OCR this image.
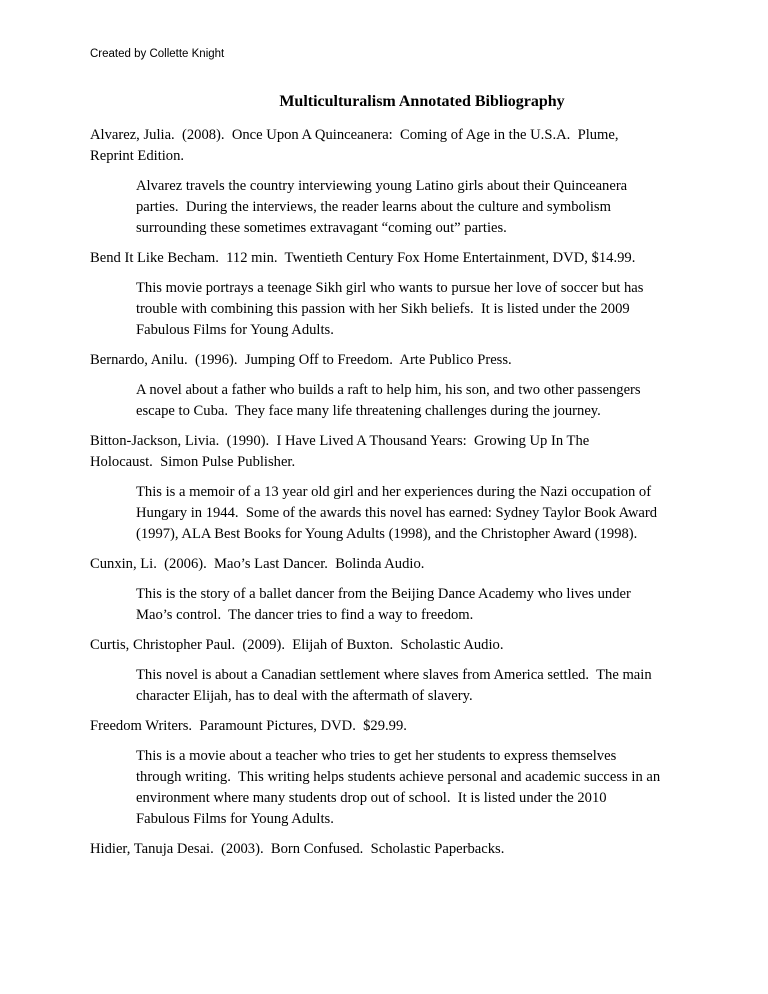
Created by Collette Knight
Multiculturalism Annotated Bibliography

Alvarez, Julia.  (2008).  Once Upon A Quinceanera:  Coming of Age in the U.S.A.  Plume,
Reprint Edition.

Alvarez travels the country interviewing young Latino girls about their Quinceanera
parties.  During the interviews, the reader learns about the culture and symbolism
surrounding these sometimes extravagant “coming out” parties.

Bend It Like Becham.  112 min.  Twentieth Century Fox Home Entertainment, DVD, $14.99.

This movie portrays a teenage Sikh girl who wants to pursue her love of soccer but has
trouble with combining this passion with her Sikh beliefs.  It is listed under the 2009
Fabulous Films for Young Adults.

Bernardo, Anilu.  (1996).  Jumping Off to Freedom.  Arte Publico Press.

A novel about a father who builds a raft to help him, his son, and two other passengers
escape to Cuba.  They face many life threatening challenges during the journey.

Bitton-Jackson, Livia.  (1990).  I Have Lived A Thousand Years:  Growing Up In The
Holocaust.  Simon Pulse Publisher.

This is a memoir of a 13 year old girl and her experiences during the Nazi occupation of
Hungary in 1944.  Some of the awards this novel has earned: Sydney Taylor Book Award
(1997), ALA Best Books for Young Adults (1998), and the Christopher Award (1998).

Cunxin, Li.  (2006).  Mao’s Last Dancer.  Bolinda Audio.

This is the story of a ballet dancer from the Beijing Dance Academy who lives under
Mao’s control.  The dancer tries to find a way to freedom.

Curtis, Christopher Paul.  (2009).  Elijah of Buxton.  Scholastic Audio.

This novel is about a Canadian settlement where slaves from America settled.  The main
character Elijah, has to deal with the aftermath of slavery.

Freedom Writers.  Paramount Pictures, DVD.  $29.99.

This is a movie about a teacher who tries to get her students to express themselves
through writing.  This writing helps students achieve personal and academic success in an
environment where many students drop out of school.  It is listed under the 2010
Fabulous Films for Young Adults.

Hidier, Tanuja Desai.  (2003).  Born Confused.  Scholastic Paperbacks.
